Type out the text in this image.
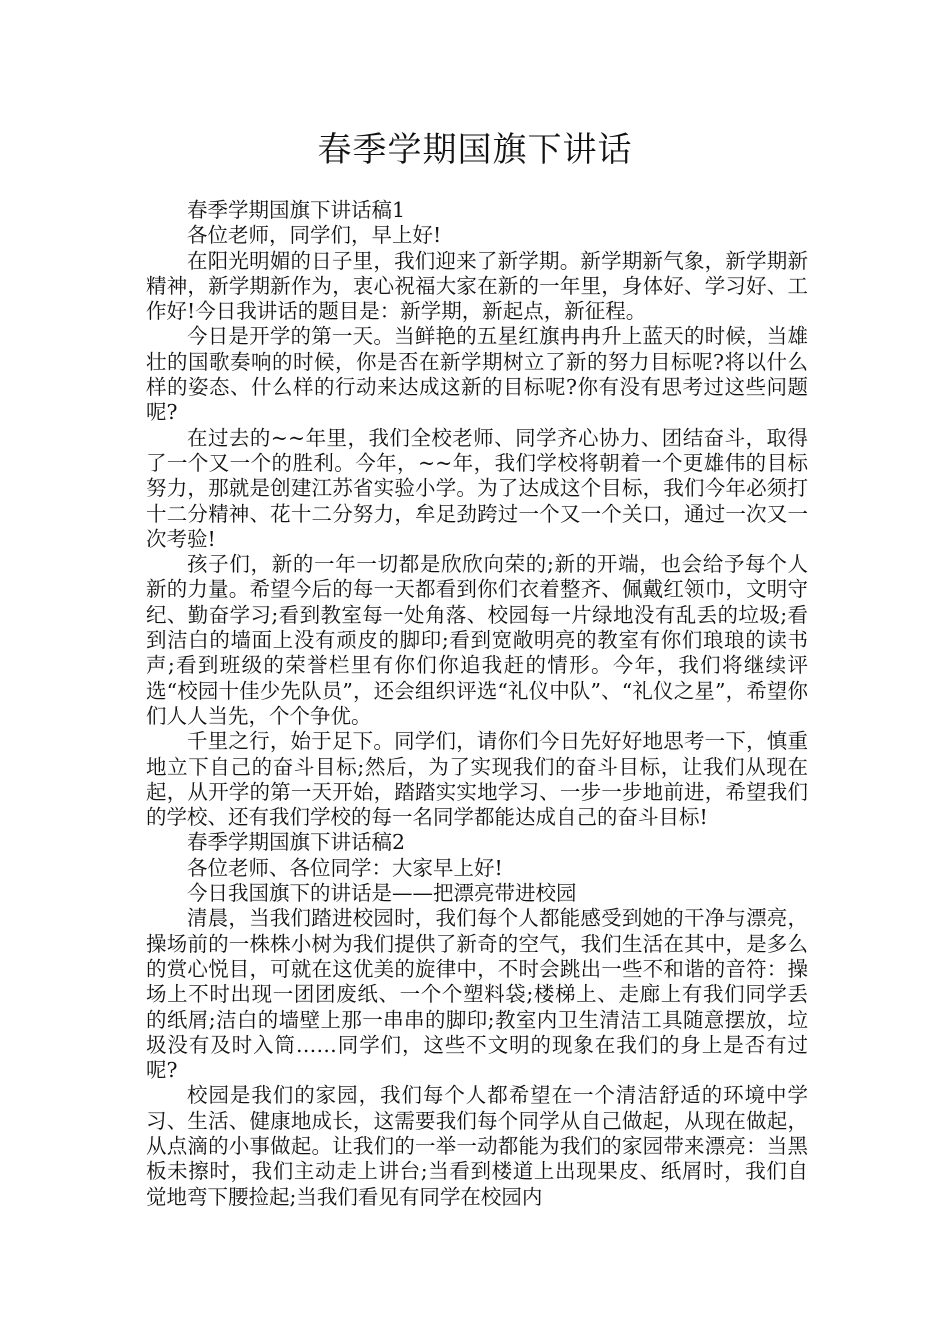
春季学期国旗下讲话

春季学期国旗下讲话稿1

各位老师，同学们，早上好!

在阳光明媚的日子里，我们迎来了新学期。新学期新气象，新学期新精神，新学期新作为，衷心祝福大家在新的一年里，身体好、学习好、工作好!今日我讲话的题目是：新学期，新起点，新征程。

今日是开学的第一天。当鲜艳的五星红旗冉冉升上蓝天的时候，当雄壮的国歌奏响的时候，你是否在新学期树立了新的努力目标呢?将以什么样的姿态、什么样的行动来达成这新的目标呢?你有没有思考过这些问题呢?

在过去的~~年里，我们全校老师、同学齐心协力、团结奋斗，取得了一个又一个的胜利。今年，~~年，我们学校将朝着一个更雄伟的目标努力，那就是创建江苏省实验小学。为了达成这个目标，我们今年必须打十二分精神、花十二分努力，牟足劲跨过一个又一个关口，通过一次又一次考验!

孩子们，新的一年一切都是欣欣向荣的;新的开端，也会给予每个人新的力量。希望今后的每一天都看到你们衣着整齐、佩戴红领巾，文明守纪、勤奋学习;看到教室每一处角落、校园每一片绿地没有乱丢的垃圾;看到洁白的墙面上没有顽皮的脚印;看到宽敞明亮的教室有你们琅琅的读书声;看到班级的荣誉栏里有你们你追我赶的情形。今年，我们将继续评选“校园十佳少先队员”，还会组织评选“礼仪中队”、“礼仪之星”，希望你们人人当先，个个争优。

千里之行，始于足下。同学们，请你们今日先好好地思考一下，慎重地立下自己的奋斗目标;然后，为了实现我们的奋斗目标，让我们从现在起，从开学的第一天开始，踏踏实实地学习、一步一步地前进，希望我们的学校、还有我们学校的每一名同学都能达成自己的奋斗目标!

春季学期国旗下讲话稿2

各位老师、各位同学：大家早上好!

今日我国旗下的讲话是——把漂亮带进校园

清晨，当我们踏进校园时，我们每个人都能感受到她的干净与漂亮，操场前的一株株小树为我们提供了新奇的空气，我们生活在其中，是多么的赏心悦目，可就在这优美的旋律中，不时会跳出一些不和谐的音符：操场上不时出现一团团废纸、一个个塑料袋;楼梯上、走廊上有我们同学丢的纸屑;洁白的墙壁上那一串串的脚印;教室内卫生清洁工具随意摆放，垃圾没有及时入筒……同学们，这些不文明的现象在我们的身上是否有过呢?

校园是我们的家园，我们每个人都希望在一个清洁舒适的环境中学习、生活、健康地成长，这需要我们每个同学从自己做起，从现在做起，从点滴的小事做起。让我们的一举一动都能为我们的家园带来漂亮：当黑板未擦时，我们主动走上讲台;当看到楼道上出现果皮、纸屑时，我们自觉地弯下腰捡起;当我们看见有同学在校园内
